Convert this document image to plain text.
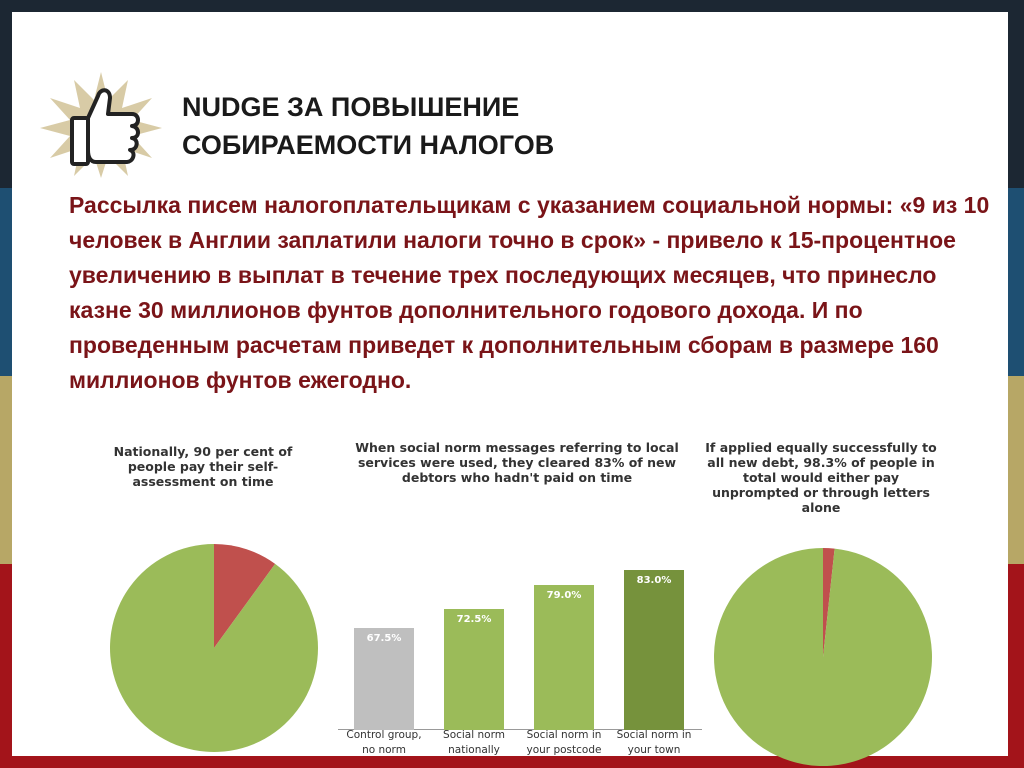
NUDGE ЗА ПОВЫШЕНИЕ
СОБИРАЕМОСТИ НАЛОГОВ

Рассылка писем налогоплательщикам с указанием социальной нормы: «9 из 10 человек в Англии заплатили налоги точно в срок» - привело к 15-процентное увеличению в выплат в течение трех последующих месяцев, что принесло казне 30 миллионов фунтов дополнительного годового дохода. И по проведенным расчетам приведет к дополнительным сборам в размере 160 миллионов фунтов ежегодно.

Nationally, 90 per cent of people pay their self-assessment on time

When social norm messages referring to local services were used, they cleared 83% of new debtors who hadn't paid on time

If applied equally successfully to all new debt, 98.3% of people in total would either pay unprompted or through letters alone

67.5%
Control group,
no norm
72.5%
Social norm
nationally
79.0%
Social norm in
your postcode
83.0%
Social norm in
your town
